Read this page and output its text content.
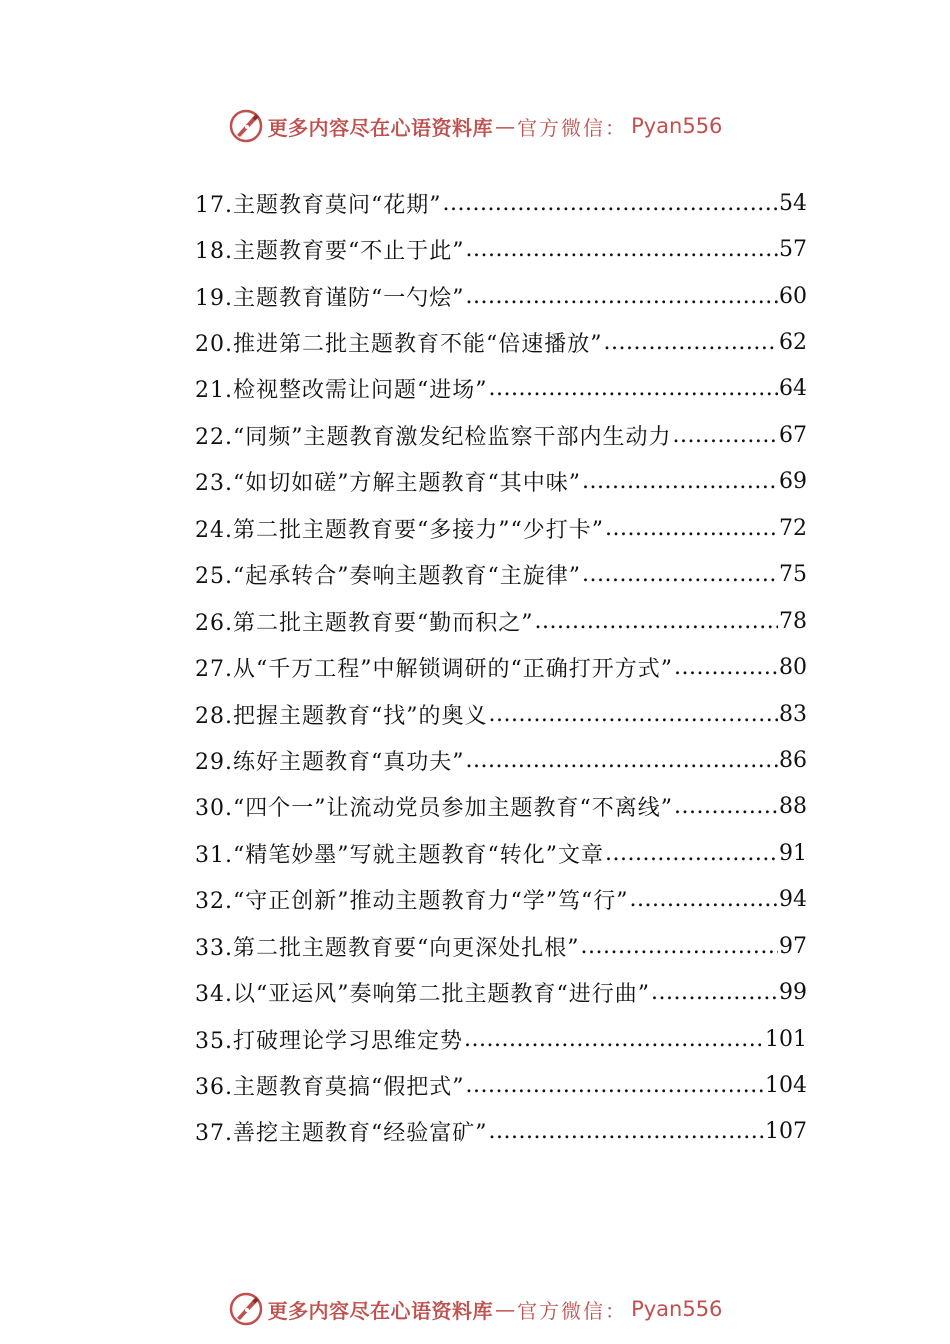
更多内容尽在心语资料库 — 官方微信： Pyan556
17.主题教育莫问“花期” .....	54
18.主题教育要“不止于此” .....	57
19.主题教育谨防“一勺烩” .....	60
20.推进第二批主题教育不能“倍速播放” .....	62
21.检视整改需让问题“进场” .....	64
22.“同频”主题教育激发纪检监察干部内生动力 .....	67
23.“如切如磋”方解主题教育“其中味” .....	69
24.第二批主题教育要“多接力”“少打卡” .....	72
25.“起承转合”奏响主题教育“主旋律” .....	75
26.第二批主题教育要“勤而积之” .....	78
27.从“千万工程”中解锁调研的“正确打开方式” .....	80
28.把握主题教育“找”的奥义 .....	83
29.练好主题教育“真功夫” .....	86
30.“四个一”让流动党员参加主题教育“不离线” .....	88
31.“精笔妙墨”写就主题教育“转化”文章 .....	91
32.“守正创新”推动主题教育力“学”笃“行” .....	94
33.第二批主题教育要“向更深处扎根” .....	97
34.以“亚运风”奏响第二批主题教育“进行曲” .....	99
35.打破理论学习思维定势 .....	101
36.主题教育莫搞“假把式” .....	104
37.善挖主题教育“经验富矿” .....	107
更多内容尽在心语资料库 — 官方微信： Pyan556
